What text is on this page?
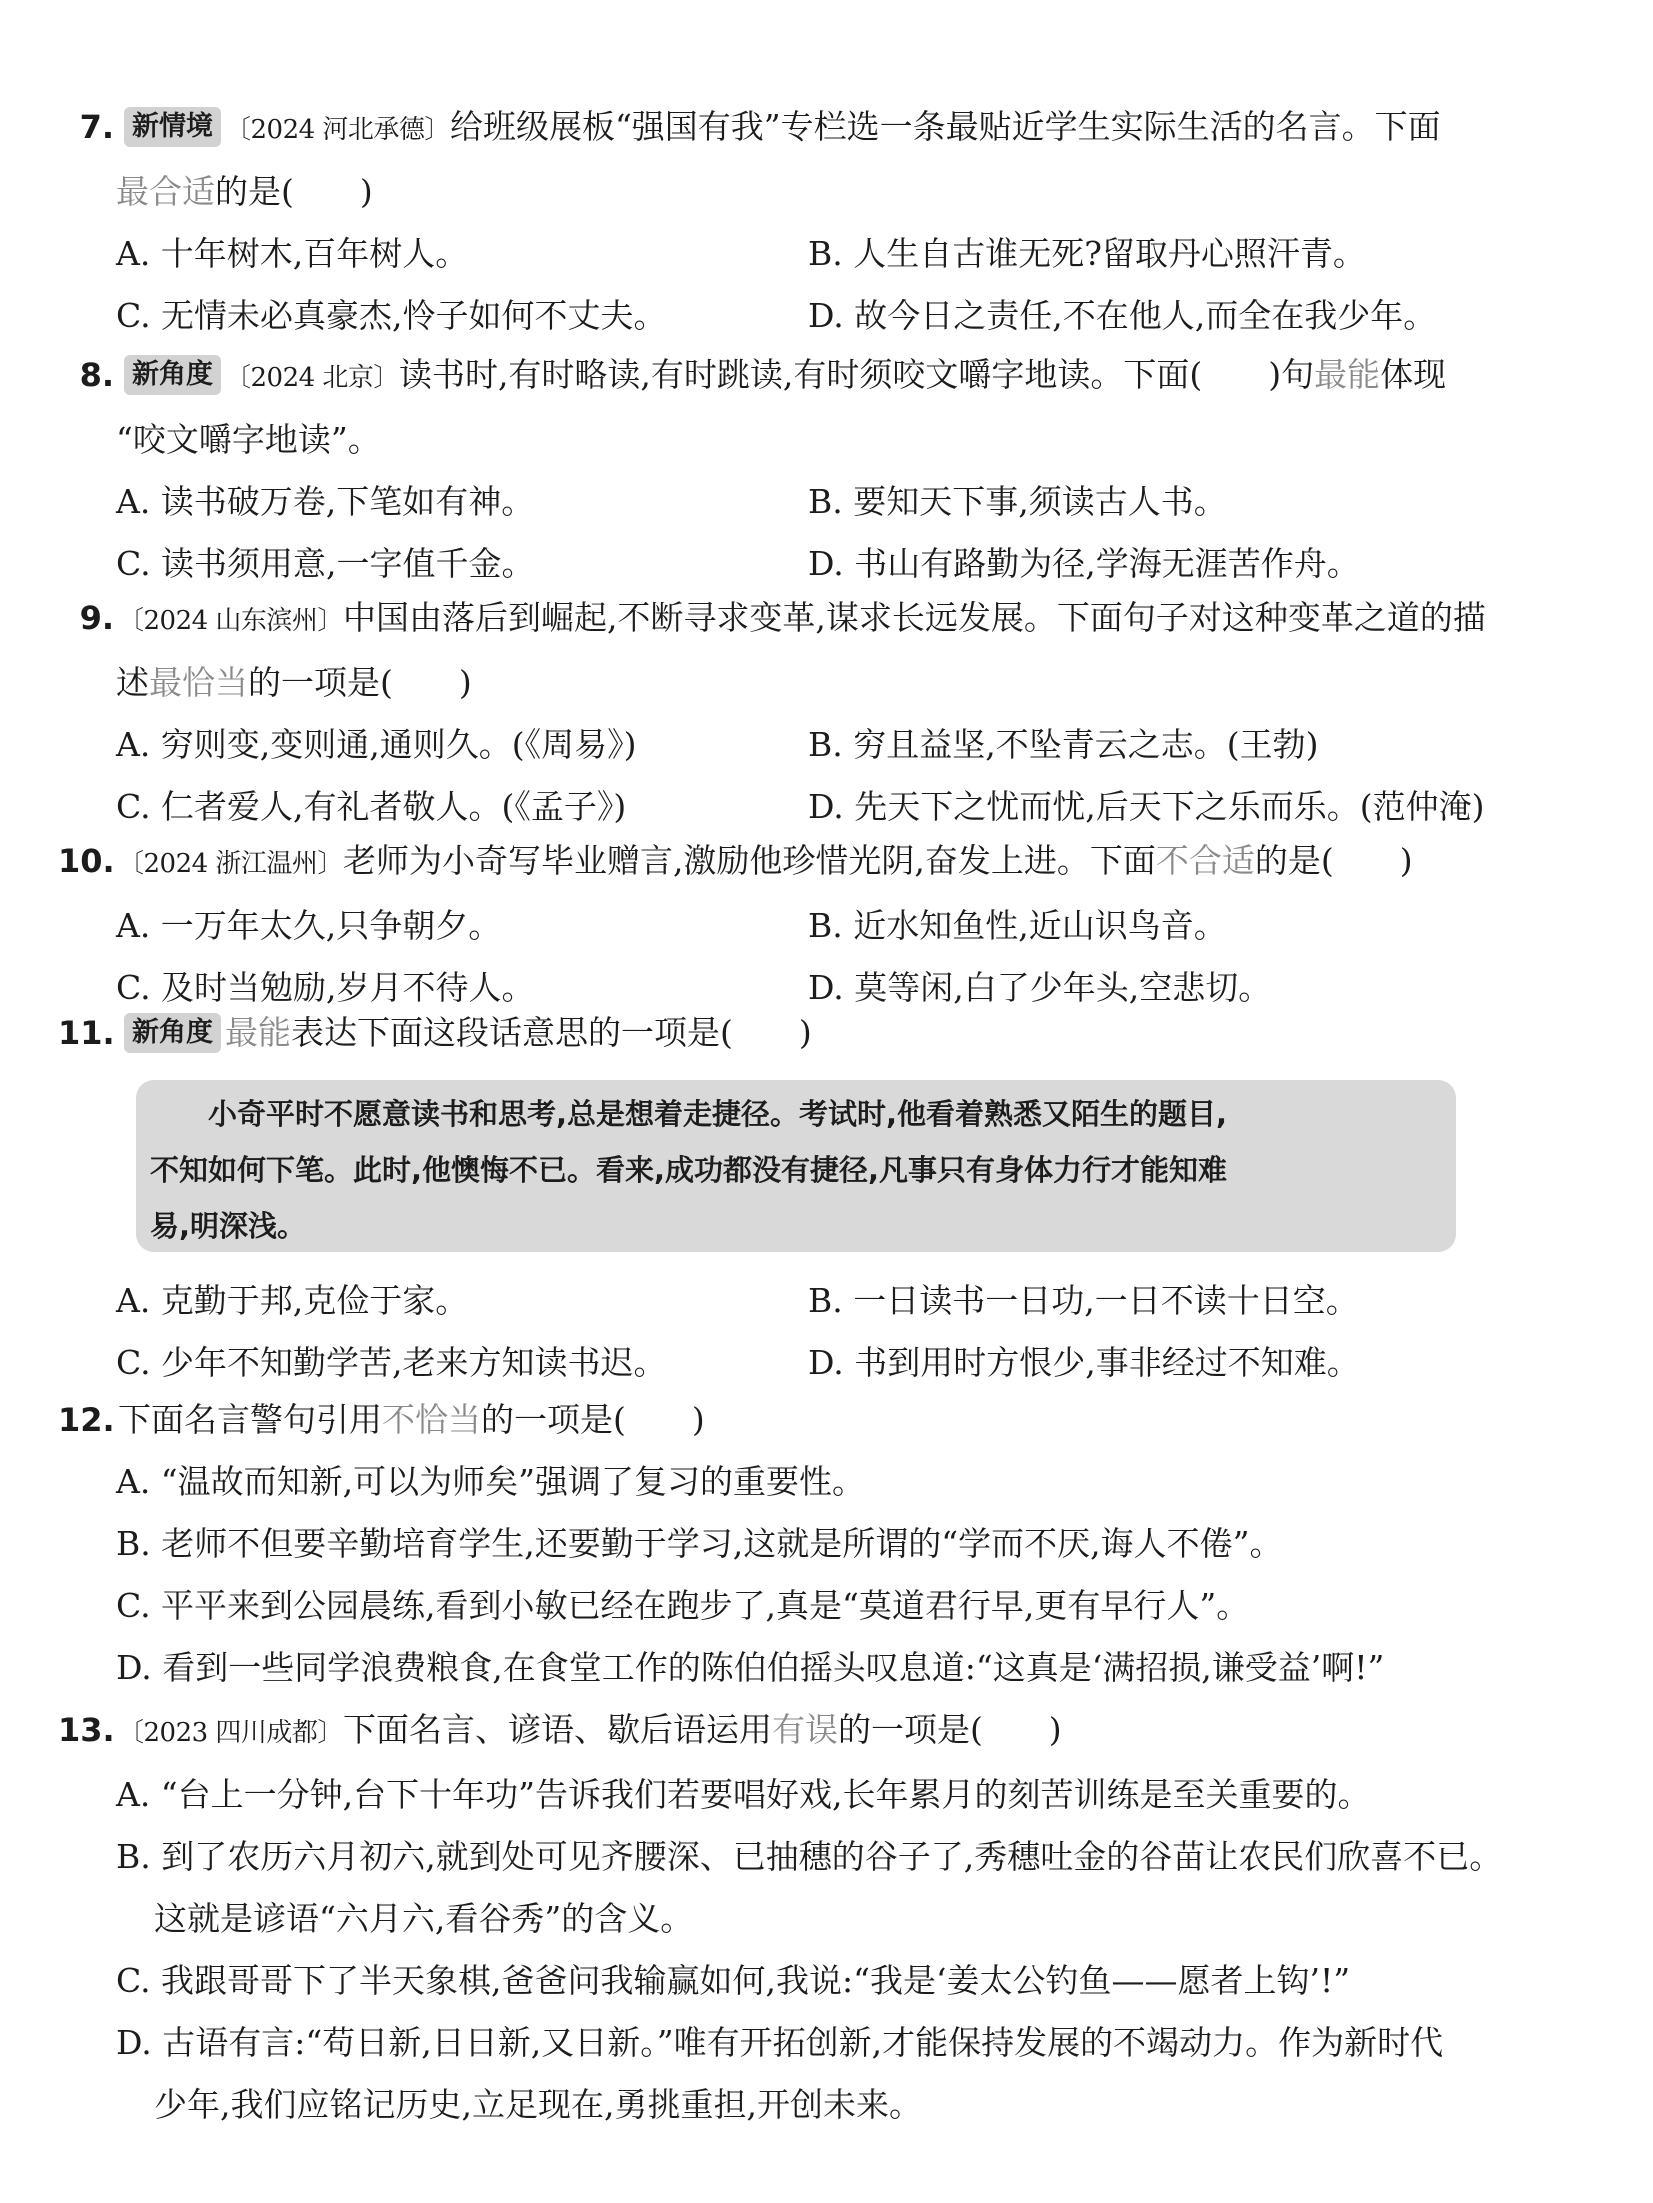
7. 新情境 〔2024 河北承德〕给班级展板“强国有我”专栏选一条最贴近学生实际生活的名言。下面
最合适的是(　　)
A. 十年树木,百年树人。	B. 人生自古谁无死?留取丹心照汗青。
C. 无情未必真豪杰,怜子如何不丈夫。	D. 故今日之责任,不在他人,而全在我少年。
8. 新角度 〔2024 北京〕读书时,有时略读,有时跳读,有时须咬文嚼字地读。下面(　　)句最能体现
“咬文嚼字地读”。
A. 读书破万卷,下笔如有神。	B. 要知天下事,须读古人书。
C. 读书须用意,一字值千金。	D. 书山有路勤为径,学海无涯苦作舟。
9. 〔2024 山东滨州〕中国由落后到崛起,不断寻求变革,谋求长远发展。下面句子对这种变革之道的描
述最恰当的一项是(　　)
A. 穷则变,变则通,通则久。(《周易》)	B. 穷且益坚,不坠青云之志。(王勃)
C. 仁者爱人,有礼者敬人。(《孟子》)	D. 先天下之忧而忧,后天下之乐而乐。(范仲淹)
10. 〔2024 浙江温州〕老师为小奇写毕业赠言,激励他珍惜光阴,奋发上进。下面不合适的是(　　)
A. 一万年太久,只争朝夕。	B. 近水知鱼性,近山识鸟音。
C. 及时当勉励,岁月不待人。	D. 莫等闲,白了少年头,空悲切。
11. 新角度 最能表达下面这段话意思的一项是(　　)

　　小奇平时不愿意读书和思考,总是想着走捷径。考试时,他看着熟悉又陌生的题目,

不知如何下笔。此时,他懊悔不已。看来,成功都没有捷径,凡事只有身体力行才能知难

易,明深浅。

A. 克勤于邦,克俭于家。	B. 一日读书一日功,一日不读十日空。
C. 少年不知勤学苦,老来方知读书迟。	D. 书到用时方恨少,事非经过不知难。
12. 下面名言警句引用不恰当的一项是(　　)
A. “温故而知新,可以为师矣”强调了复习的重要性。
B. 老师不但要辛勤培育学生,还要勤于学习,这就是所谓的“学而不厌,诲人不倦”。
C. 平平来到公园晨练,看到小敏已经在跑步了,真是“莫道君行早,更有早行人”。
D. 看到一些同学浪费粮食,在食堂工作的陈伯伯摇头叹息道:“这真是‘满招损,谦受益’啊!”
13. 〔2023 四川成都〕下面名言、谚语、歇后语运用有误的一项是(　　)
A. “台上一分钟,台下十年功”告诉我们若要唱好戏,长年累月的刻苦训练是至关重要的。
B. 到了农历六月初六,就到处可见齐腰深、已抽穗的谷子了,秀穗吐金的谷苗让农民们欣喜不已。
这就是谚语“六月六,看谷秀”的含义。
C. 我跟哥哥下了半天象棋,爸爸问我输赢如何,我说:“我是‘姜太公钓鱼——愿者上钩’!”
D. 古语有言:“苟日新,日日新,又日新。”唯有开拓创新,才能保持发展的不竭动力。作为新时代
少年,我们应铭记历史,立足现在,勇挑重担,开创未来。
